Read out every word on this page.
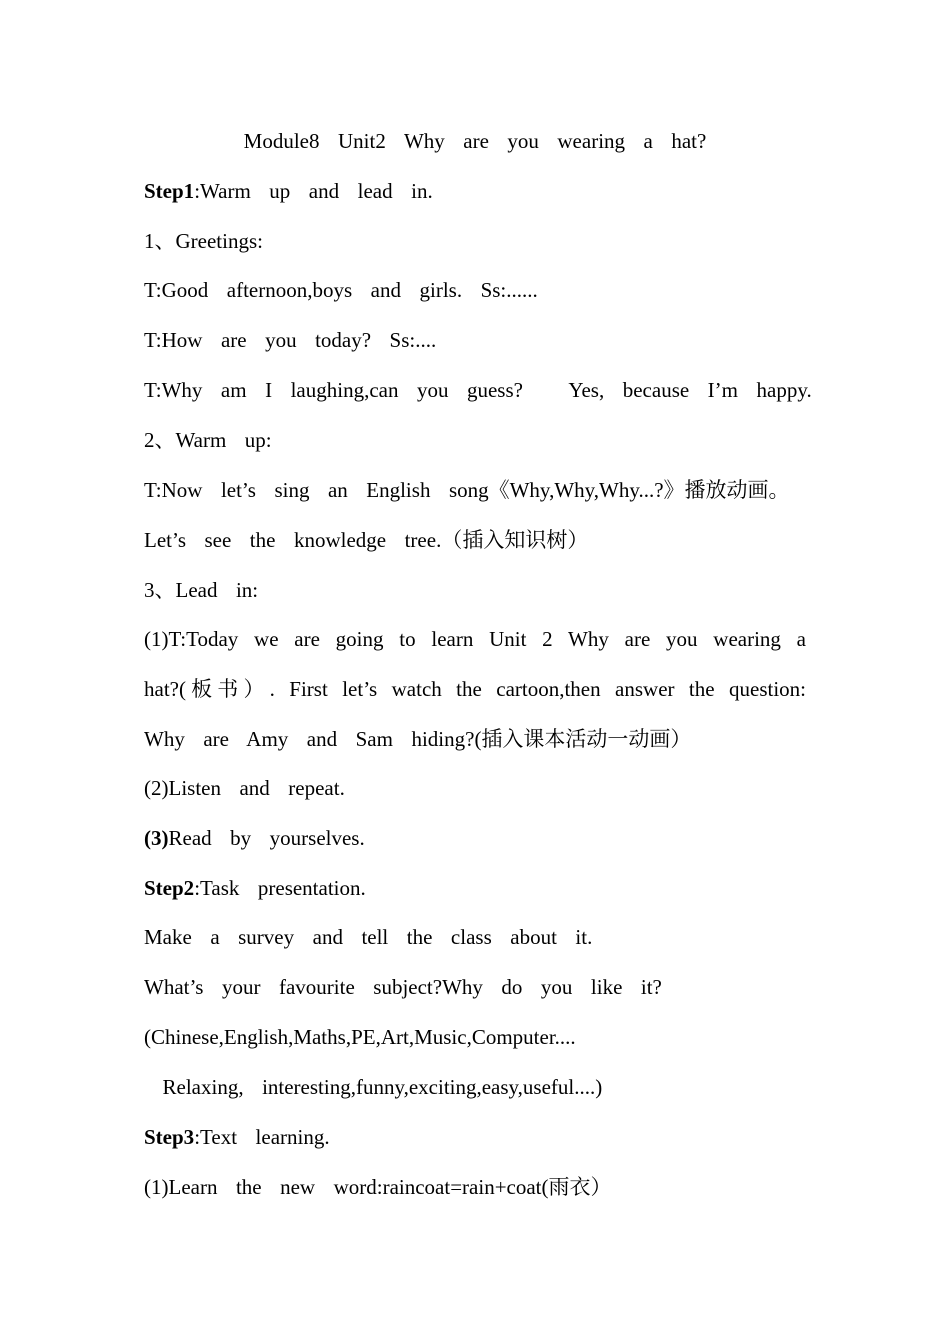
Module8  Unit2  Why  are  you  wearing  a  hat?
Step1:Warm  up  and  lead  in.
1、Greetings:
T:Good  afternoon,boys  and  girls.  Ss:......
T:How  are  you  today?  Ss:....
T:Why  am  I  laughing,can  you  guess?     Yes,  because  I’m  happy.
2、Warm  up:
T:Now  let’s  sing  an  English  song《Why,Why,Why...?》播放动画。
Let’s  see  the  knowledge  tree.（插入知识树）
3、Lead  in:
(1)T:Today we are going to learn Unit 2 Why are you wearing a
hat?(板书）. First let’s watch the cartoon,then answer the question:
Why  are  Amy  and  Sam  hiding?(插入课本活动一动画）
(2)Listen  and  repeat.
(3)Read  by  yourselves.
Step2:Task  presentation.
Make  a  survey  and  tell  the  class  about  it.
What’s  your  favourite  subject?Why  do  you  like  it?
(Chinese,English,Maths,PE,Art,Music,Computer....
Relaxing,  interesting,funny,exciting,easy,useful....)
Step3:Text  learning.
(1)Learn  the  new  word:raincoat=rain+coat(雨衣）
